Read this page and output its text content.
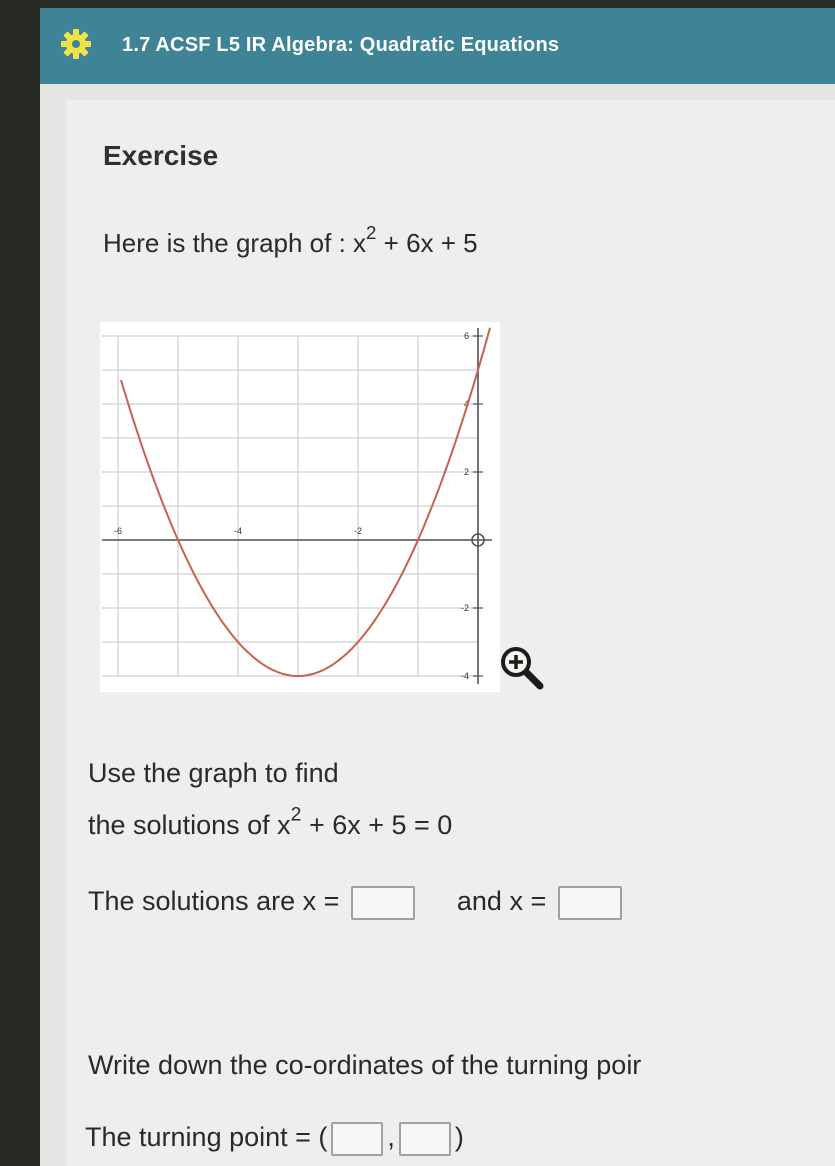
1.7 ACSF L5 IR Algebra: Quadratic Equations
Exercise
Here is the graph of : $x^2 + 6x + 5$
-6	-4	-2
6
4
2
-2
-4
Use the graph to find
the solutions of $x^2 + 6x + 5 = 0$
The solutions are x =	and x =
Write down the co-ordinates of the turning poir
The turning point = ( , )
